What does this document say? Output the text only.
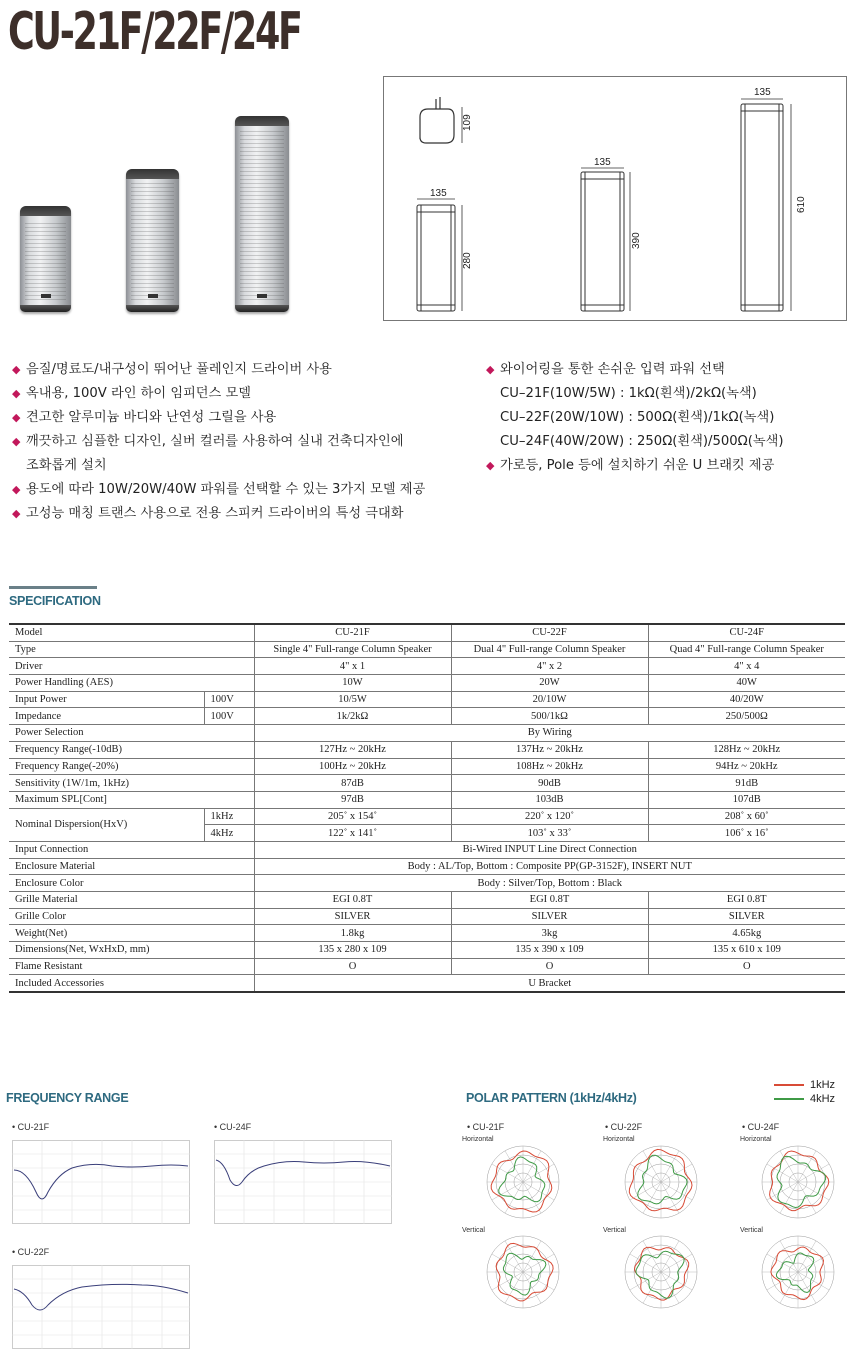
CU-21F/22F/24F
109
135
280
135
390
135
610
◆ 음질/명료도/내구성이 뛰어난 풀레인지 드라이버 사용
◆ 옥내용, 100V 라인 하이 임피던스 모델
◆ 견고한 알루미늄 바디와 난연성 그릴을 사용
◆ 깨끗하고 심플한 디자인, 실버 컬러를 사용하여 실내 건축디자인에
조화롭게 설치
◆ 용도에 따라 10W/20W/40W 파워를 선택할 수 있는 3가지 모델 제공
◆ 고성능 매칭 트랜스 사용으로 전용 스피커 드라이버의 특성 극대화
◆ 와이어링을 통한 손쉬운 입력 파워 선택
CU–21F(10W/5W) : 1kΩ(흰색)/2kΩ(녹색)
CU–22F(20W/10W) : 500Ω(흰색)/1kΩ(녹색)
CU–24F(40W/20W) : 250Ω(흰색)/500Ω(녹색)
◆ 가로등, Pole 등에 설치하기 쉬운 U 브래킷 제공
SPECIFICATION
Model		CU-21F	CU-22F	CU-24F
Type		Single 4" Full-range Column Speaker	Dual 4" Full-range Column Speaker	Quad 4" Full-range Column Speaker
Driver		4" x 1	4" x 2	4" x 4
Power Handling (AES)		10W	20W	40W
Input Power	100V	10/5W	20/10W	40/20W
Impedance	100V	1k/2kΩ	500/1kΩ	250/500Ω
Power Selection		By Wiring		
Frequency Range(-10dB)		127Hz ~ 20kHz	137Hz ~ 20kHz	128Hz ~ 20kHz
Frequency Range(-20%)		100Hz ~ 20kHz	108Hz ~ 20kHz	94Hz ~ 20kHz
Sensitivity (1W/1m, 1kHz)		87dB	90dB	91dB
Maximum SPL[Cont]		97dB	103dB	107dB
Nominal Dispersion(HxV)	1kHz	205˚ x 154˚	220˚ x 120˚	208˚ x 60˚
	4kHz	122˚ x 141˚	103˚ x 33˚	106˚ x 16˚
Input Connection		Bi-Wired INPUT Line Direct Connection		
Enclosure Material		Body : AL/Top, Bottom : Composite PP(GP-3152F), INSERT NUT		
Enclosure Color		Body : Silver/Top, Bottom : Black		
Grille Material		EGI 0.8T	EGI 0.8T	EGI 0.8T
Grille Color		SILVER	SILVER	SILVER
Weight(Net)		1.8kg	3kg	4.65kg
Dimensions(Net, WxHxD, mm)		135 x 280 x 109	135 x 390 x 109	135 x 610 x 109
Flame Resistant		O	O	O
Included Accessories		U Bracket		
FREQUENCY RANGE
• CU-21F	• CU-24F
• CU-22F
POLAR PATTERN (1kHz/4kHz)
1kHz
4kHz
• CU-21F	• CU-22F	• CU-24F
Horizontal	Horizontal	Horizontal
Vertical	Vertical	Vertical
